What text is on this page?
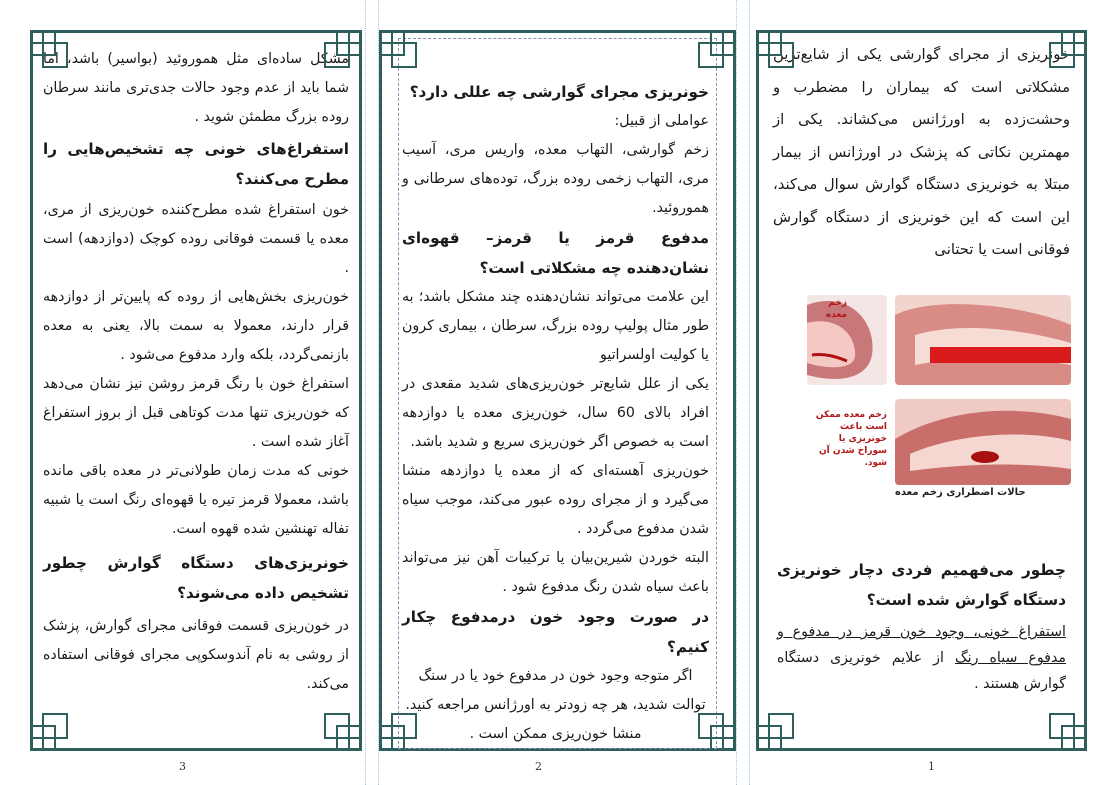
مشکل ساده‌ای مثل هموروئید (بواسیر) باشد، اما شما باید از عدم وجود حالات جدی‌تری مانند سرطان روده بزرگ مطمئن شوید .

استفراغ‌های خونی چه تشخیص‌هایی را مطرح می‌کنند؟

خون استفراغ شده مطرح‌کننده خون‌ریزی از مری، معده یا قسمت فوقانی روده کوچک (دوازدهه) است .

خون‌ریزی بخش‌هایی از روده که پایین‌تر از دوازدهه قرار دارند، معمولا به سمت بالا، یعنی به معده بازنمی‌گردد، بلکه وارد مدفوع می‌شود .

استفراغ خون با رنگ قرمز روشن نیز نشان می‌دهد که خون‌ریزی تنها مدت کوتاهی قبل از بروز استفراغ آغاز شده است .

خونی که مدت زمان طولانی‌تر در معده باقی مانده باشد، معمولا قرمز تیره یا قهوه‌ای رنگ است یا شبیه تفاله تهنشین شده قهوه است.

خونریزی‌های دستگاه گوارش چطور تشخیص داده می‌شوند؟

در خون‌ریزی قسمت فوقانی مجرای گوارش، پزشک از روشی به نام آندوسکوپی مجرای فوقانی استفاده می‌کند.

خونریزی مجرای گوارشی چه عللی دارد؟

عواملی از قبیل:

زخم گوارشی، التهاب معده، واریس مری، آسیب مری، التهاب زخمی روده بزرگ، توده‌های سرطانی و هموروئید.

مدفوع قرمز یا قرمز– قهوه‌ای نشان‌دهنده چه مشکلاتی است؟

این علامت می‌تواند نشان‌دهنده چند مشکل باشد؛ به طور مثال پولیپ روده بزرگ، سرطان ، بیماری کرون یا کولیت اولسراتیو

یکی از علل شایع‌تر خون‌ریزی‌های شدید مقعدی در افراد بالای 60 سال، خون‌ریزی معده یا دوازدهه است به خصوص اگر خون‌ریزی سریع و شدید باشد.

خون‌ریزی آهسته‌ای که از معده یا دوازدهه منشا می‌گیرد و از مجرای روده عبور می‌کند، موجب سیاه شدن مدفوع می‌گردد .

البته خوردن شیرین‌بیان یا ترکیبات آهن نیز می‌تواند باعث سیاه شدن رنگ مدفوع شود .

در صورت وجود خون درمدفوع چکار کنیم؟

اگر متوجه وجود خون در مدفوع خود یا در سنگ توالت شدید، هر چه زودتر به اورژانس مراجعه کنید.

منشا خون‌ریزی ممکن است .

خونریزی از مجرای گوارشی یکی از شایع‌ترین مشکلاتی است که بیماران را مضطرب و وحشت‌زده به اورژانس می‌کشاند. یکی از مهمترین نکاتی که پزشک در اورژانس از بیمار مبتلا به خونریزی دستگاه گوارش سوال می‌کند، این است که این خونریزی از دستگاه گوارش فوقانی است یا تحتانی

زخم معده
زخم معده ممکن است باعث خونریزی یا سوراخ شدن آن شود.
حالات اضطراری زخم معده
چطور می‌فهمیم فردی دچار خونریزی دستگاه گوارش شده است؟

استفراغ خونی، وجود خون قرمز در مدفوع و مدفوع سیاه رنگ از علایم خونریزی دستگاه گوارش هستند .

3	2	1
